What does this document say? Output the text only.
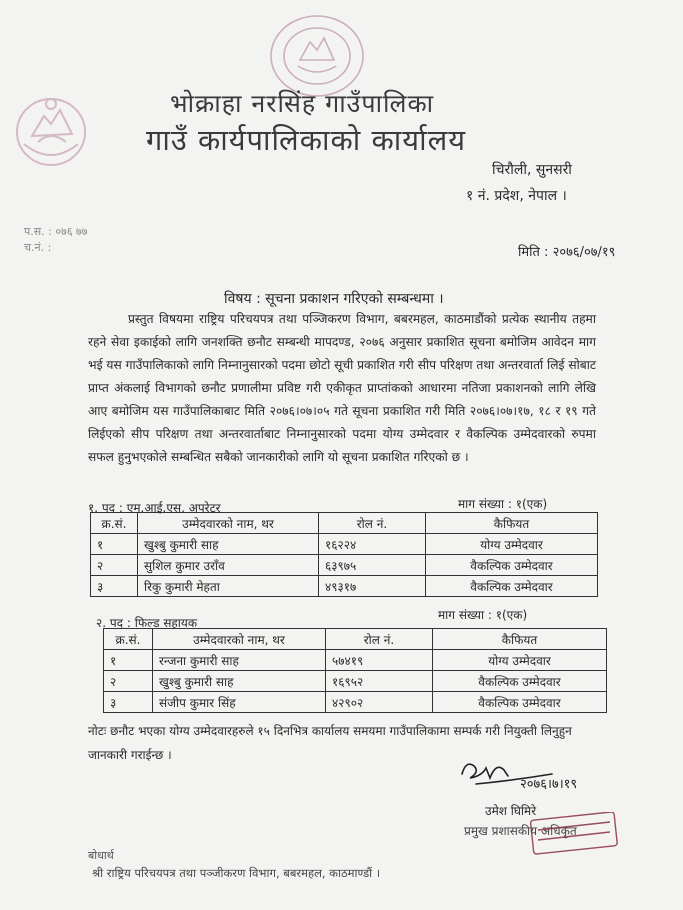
भोक्राहा नरसिंह गाउँपालिका
गाउँ कार्यपालिकाको कार्यालय
चिरौली, सुनसरी
१ नं. प्रदेश, नेपाल ।
प.स. : ०७६ ७७
च.नं. :	मिति : २०७६/०७/१९
विषय : सूचना प्रकाशन गरिएको सम्बन्धमा ।

प्रस्तुत विषयमा राष्ट्रिय परिचयपत्र तथा पञ्जिकरण विभाग, बबरमहल, काठमाडौंको प्रत्येक स्थानीय तहमा रहने सेवा इकाईको लागि जनशक्ति छनौट सम्बन्धी मापदण्ड, २०७६ अनुसार प्रकाशित सूचना बमोजिम आवेदन माग भई यस गाउँपालिकाको लागि निम्नानुसारको पदमा छोटो सूची प्रकाशित गरी सीप परिक्षण तथा अन्तरवार्ता लिई सोबाट प्राप्त अंकलाई विभागको छनौट प्रणालीमा प्रविष्ट गरी एकीकृत प्राप्तांकको आधारमा नतिजा प्रकाशनको लागि लेखि आए बमोजिम यस गाउँपालिकाबाट मिति २०७६।०७।०५ गते सूचना प्रकाशित गरी मिति २०७६।०७।१७, १८ र १९ गते लिईएको सीप परिक्षण तथा अन्तरवार्ताबाट निम्नानुसारको पदमा योग्य उम्मेदवार र वैकल्पिक उम्मेदवारको रुपमा सफल हुनुभएकोले सम्बन्धित सबैको जानकारीको लागि यो सूचना प्रकाशित गरिएको छ ।

१. पद : एम.आई.एस. अपरेटर	माग संख्या : १(एक)
क्र.सं.	उम्मेदवारको नाम, थर	रोल नं.	कैफियत
१	खुश्बु कुमारी साह	१६२२४	योग्य उम्मेदवार
२	सुशिल कुमार उराँव	६३९७५	वैकल्पिक उम्मेदवार
३	रिकु कुमारी मेहता	४९३१७	वैकल्पिक उम्मेदवार
२. पद : फिल्ड सहायक
माग संख्या : १(एक)
क्र.सं.	उम्मेदवारको नाम, थर	रोल नं.	कैफियत
१	रन्जना कुमारी साह	५७४१९	योग्य उम्मेदवार
२	खुश्बु कुमारी साह	१६९५२	वैकल्पिक उम्मेदवार
३	संजीप कुमार सिंह	४२९०२	वैकल्पिक उम्मेदवार
नोटः छनौट भएका योग्य उम्मेदवारहरुले १५ दिनभित्र कार्यालय समयमा गाउँपालिकामा सम्पर्क गरी नियुक्ती लिनुहुन जानकारी गराईन्छ ।
२०७६।७।१९
उमेश घिमिरे
प्रमुख प्रशासकीय अधिकृत
बोधार्थ
श्री राष्ट्रिय परिचयपत्र तथा पञ्जीकरण विभाग, बबरमहल, काठमाण्डौं ।
